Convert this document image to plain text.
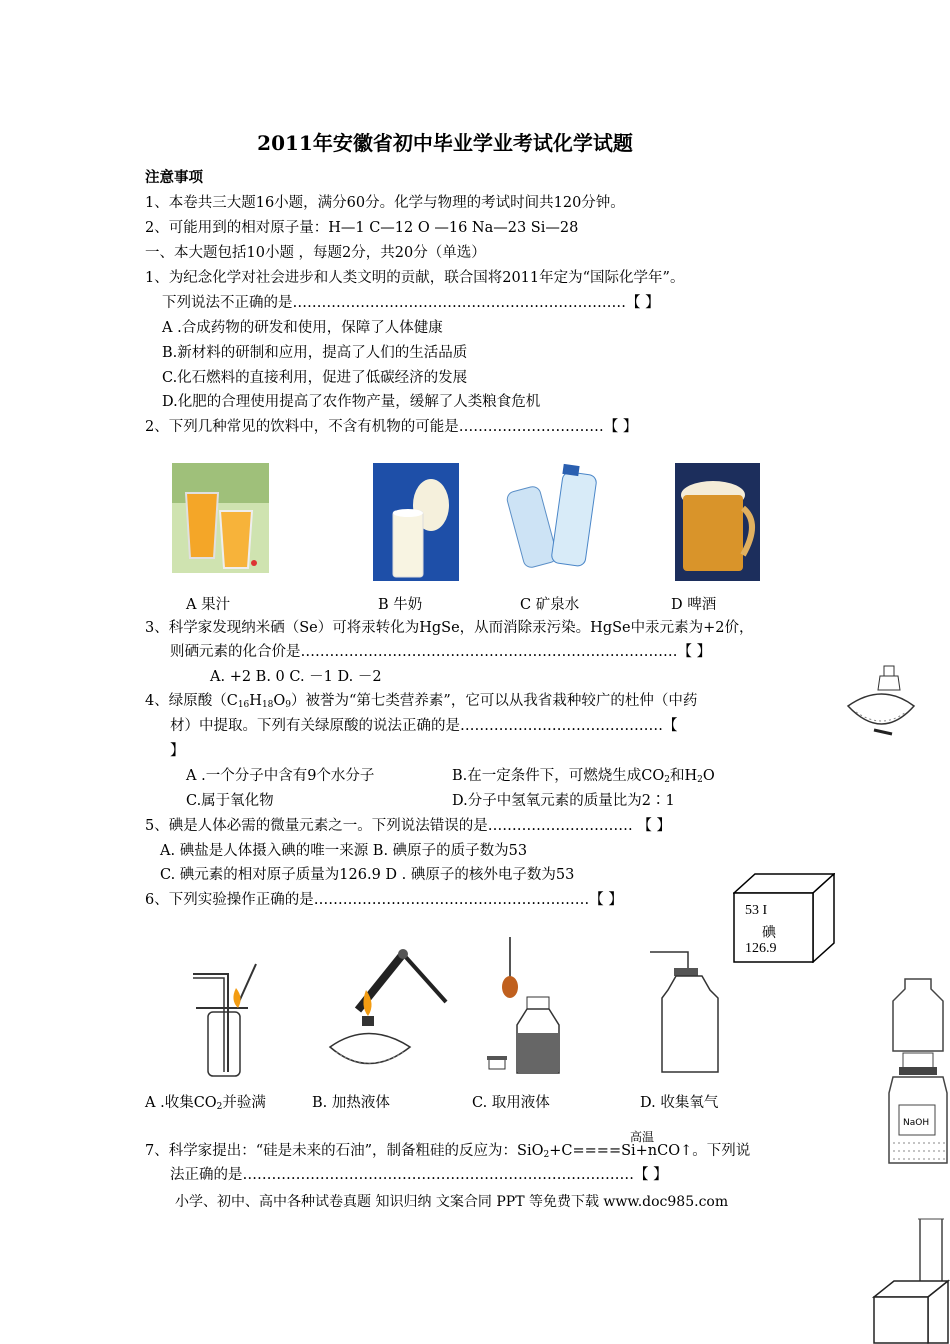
2011年安徽省初中毕业学业考试化学试题
注意事项
1、本卷共三大题16小题，满分60分。化学与物理的考试时间共120分钟。
2、可能用到的相对原子量：H—1 C—12 O —16 Na—23 Si—28
一、本大题包括10小题 ，每题2分，共20分（单选）
1、为纪念化学对社会进步和人类文明的贡献，联合国将2011年定为“国际化学年”。
下列说法不正确的是……………………………………………………………【 】
A .合成药物的研发和使用，保障了人体健康
B.新材料的研制和应用，提高了人们的生活品质
C.化石燃料的直接利用，促进了低碳经济的发展
D.化肥的合理使用提高了农作物产量，缓解了人类粮食危机
2、下列几种常见的饮料中，不含有机物的可能是…………………………【 】
A 果汁	B 牛奶	C 矿泉水	D 啤酒
3、科学家发现纳米硒（Se）可将汞转化为HgSe，从而消除汞污染。HgSe中汞元素为+2价，
则硒元素的化合价是……………………………………………………………………【 】
A. +2 B. 0 C. －1 D. －2
4、绿原酸$(C_{16}H_{18}O_9)$被誉为“第七类营养素”，它可以从我省栽种较广的杜仲（中药
材）中提取。下列有关绿原酸的说法正确的是……………………………………【
】
A .一个分子中含有9个水分子	B.在一定条件下，可燃烧生成$CO_2$和$H_2O$
C.属于氧化物	D.分子中氢氧元素的质量比为2∶1
5、碘是人体必需的微量元素之一。下列说法错误的是………………………… 【 】
A. 碘盐是人体摄入碘的唯一来源 B. 碘原子的质子数为53
C. 碘元素的相对原子质量为126.9 D . 碘原子的核外电子数为53
53 I
碘
126.9
6、下列实验操作正确的是…………………………………………………【 】
A .收集$CO_2$并验满	B. 加热液体	C. 取用液体	D. 收集氧气
NaOH
高温
7、科学家提出：“硅是未来的石油”，制备粗硅的反应为：SiO$_2$+C====Si+nCO↑。下列说
法正确的是………………………………………………………………………【 】
小学、初中、高中各种试卷真题 知识归纳 文案合同 PPT 等免费下载 www.doc985.com
